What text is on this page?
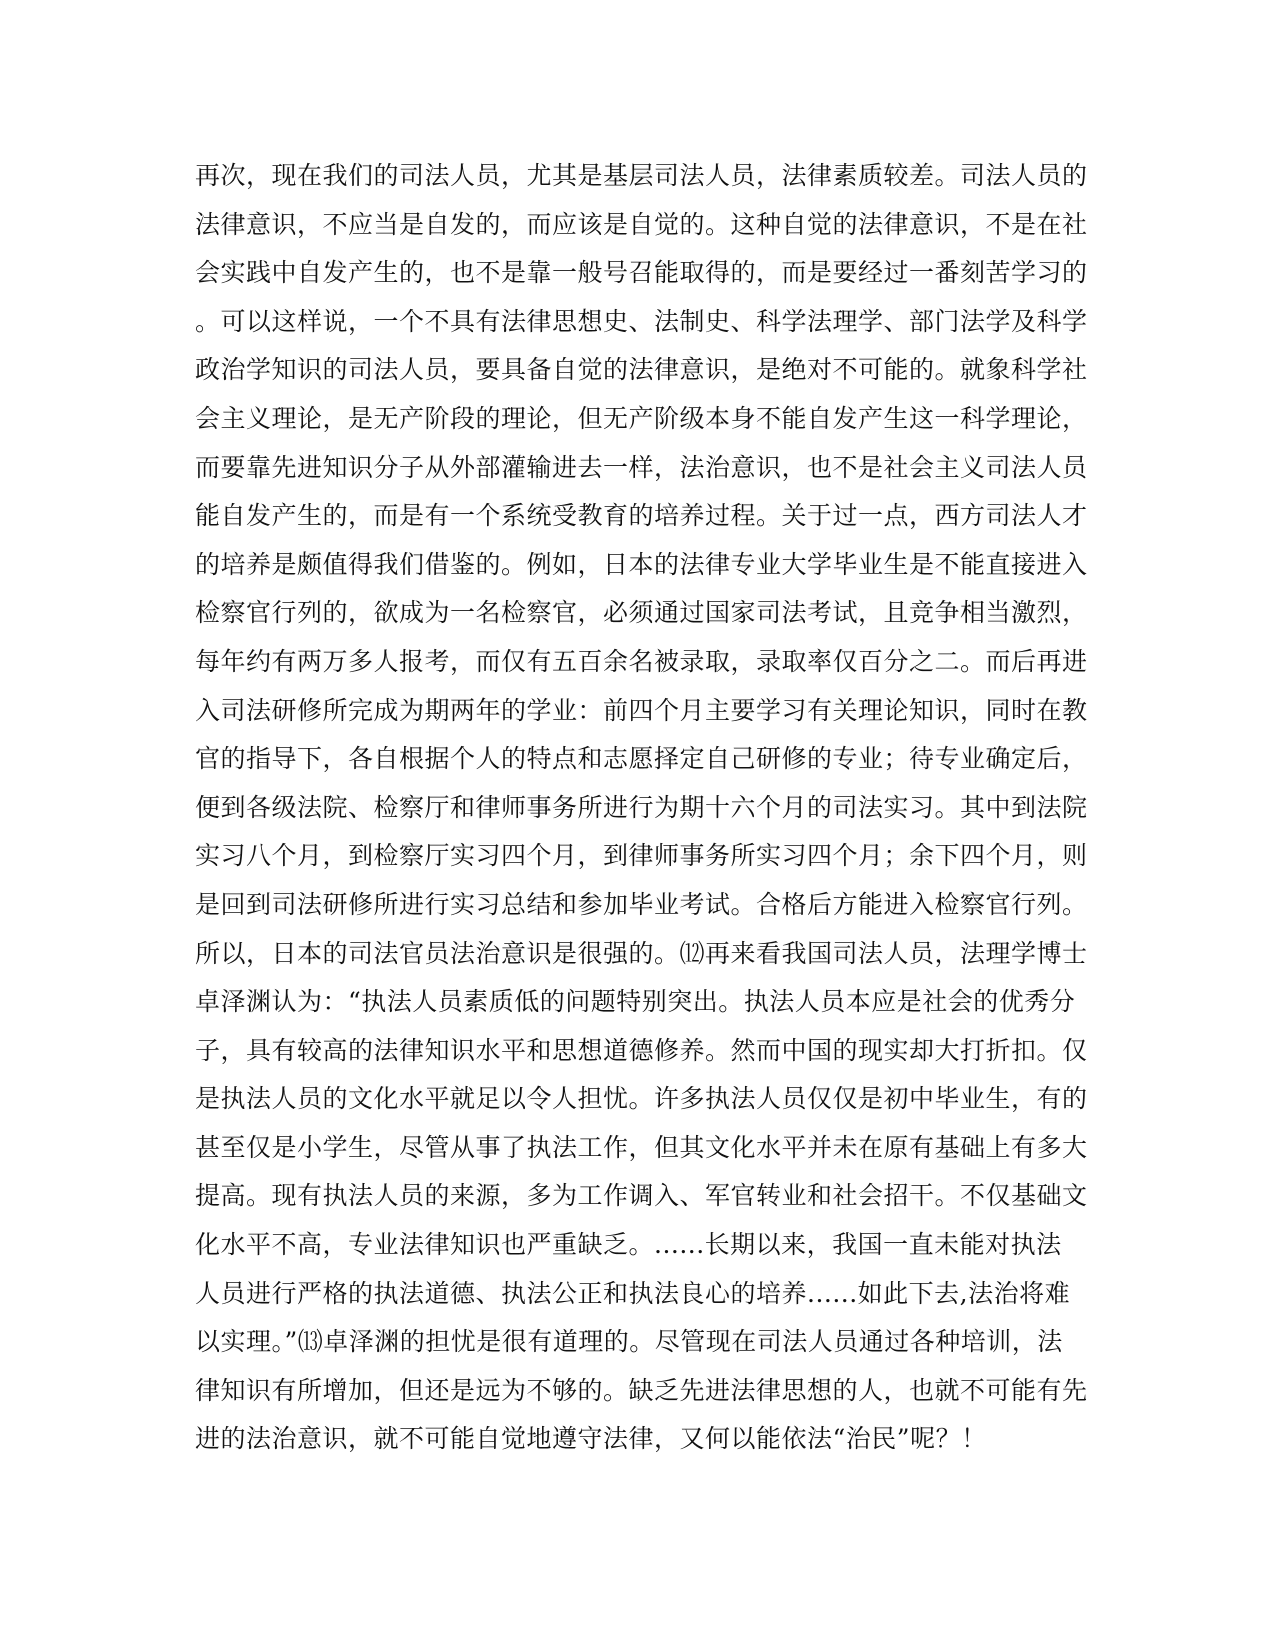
再次，现在我们的司法人员，尤其是基层司法人员，法律素质较差。司法人员的
法律意识，不应当是自发的，而应该是自觉的。这种自觉的法律意识，不是在社
会实践中自发产生的，也不是靠一般号召能取得的，而是要经过一番刻苦学习的
。可以这样说，一个不具有法律思想史、法制史、科学法理学、部门法学及科学
政治学知识的司法人员，要具备自觉的法律意识，是绝对不可能的。就象科学社
会主义理论，是无产阶段的理论，但无产阶级本身不能自发产生这一科学理论，
而要靠先进知识分子从外部灌输进去一样，法治意识，也不是社会主义司法人员
能自发产生的，而是有一个系统受教育的培养过程。关于过一点，西方司法人才
的培养是颇值得我们借鉴的。例如，日本的法律专业大学毕业生是不能直接进入
检察官行列的，欲成为一名检察官，必须通过国家司法考试，且竞争相当激烈，
每年约有两万多人报考，而仅有五百余名被录取，录取率仅百分之二。而后再进
入司法研修所完成为期两年的学业：前四个月主要学习有关理论知识，同时在教
官的指导下，各自根据个人的特点和志愿择定自己研修的专业；待专业确定后，
便到各级法院、检察厅和律师事务所进行为期十六个月的司法实习。其中到法院
实习八个月，到检察厅实习四个月，到律师事务所实习四个月；余下四个月，则
是回到司法研修所进行实习总结和参加毕业考试。合格后方能进入检察官行列。
所以，日本的司法官员法治意识是很强的。⑿再来看我国司法人员，法理学博士
卓泽渊认为：“执法人员素质低的问题特别突出。执法人员本应是社会的优秀分
子，具有较高的法律知识水平和思想道德修养。然而中国的现实却大打折扣。仅
是执法人员的文化水平就足以令人担忧。许多执法人员仅仅是初中毕业生，有的
甚至仅是小学生，尽管从事了执法工作，但其文化水平并未在原有基础上有多大
提高。现有执法人员的来源，多为工作调入、军官转业和社会招干。不仅基础文
化水平不高，专业法律知识也严重缺乏。......长期以来，我国一直未能对执法
人员进行严格的执法道德、执法公正和执法良心的培养......如此下去,法治将难
以实理。”⒀卓泽渊的担忧是很有道理的。尽管现在司法人员通过各种培训，法
律知识有所增加，但还是远为不够的。缺乏先进法律思想的人，也就不可能有先
进的法治意识，就不可能自觉地遵守法律，又何以能依法“治民”呢？！
